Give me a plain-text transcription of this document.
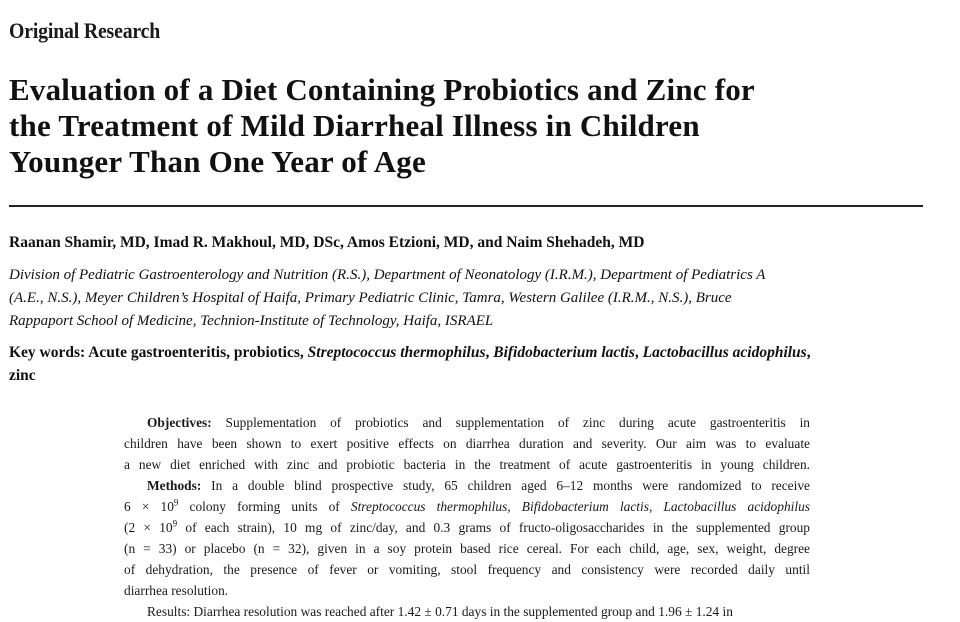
Original Research
Evaluation of a Diet Containing Probiotics and Zinc for
the Treatment of Mild Diarrheal Illness in Children
Younger Than One Year of Age

Raanan Shamir, MD, Imad R. Makhoul, MD, DSc, Amos Etzioni, MD, and Naim Shehadeh, MD

Division of Pediatric Gastroenterology and Nutrition (R.S.), Department of Neonatology (I.R.M.), Department of Pediatrics A
(A.E., N.S.), Meyer Children’s Hospital of Haifa, Primary Pediatric Clinic, Tamra, Western Galilee (I.R.M., N.S.), Bruce
Rappaport School of Medicine, Technion-Institute of Technology, Haifa, ISRAEL

Key words: Acute gastroenteritis, probiotics, Streptococcus thermophilus, Bifidobacterium lactis, Lactobacillus acidophilus,
zinc

Objectives: Supplementation of probiotics and supplementation of zinc during acute gastroenteritis in
children have been shown to exert positive effects on diarrhea duration and severity. Our aim was to evaluate
a new diet enriched with zinc and probiotic bacteria in the treatment of acute gastroenteritis in young children.
Methods: In a double blind prospective study, 65 children aged 6–12 months were randomized to receive
$6 \times 10^9$ colony forming units of Streptococcus thermophilus, Bifidobacterium lactis, Lactobacillus acidophilus
($2 \times 10^9$ of each strain), 10 mg of zinc/day, and 0.3 grams of fructo-oligosaccharides in the supplemented group
(n = 33) or placebo (n = 32), given in a soy protein based rice cereal. For each child, age, sex, weight, degree
of dehydration, the presence of fever or vomiting, stool frequency and consistency were recorded daily until
diarrhea resolution.
Results: Diarrhea resolution was reached after 1.42 ± 0.71 days in the supplemented group and 1.96 ± 1.24 in
